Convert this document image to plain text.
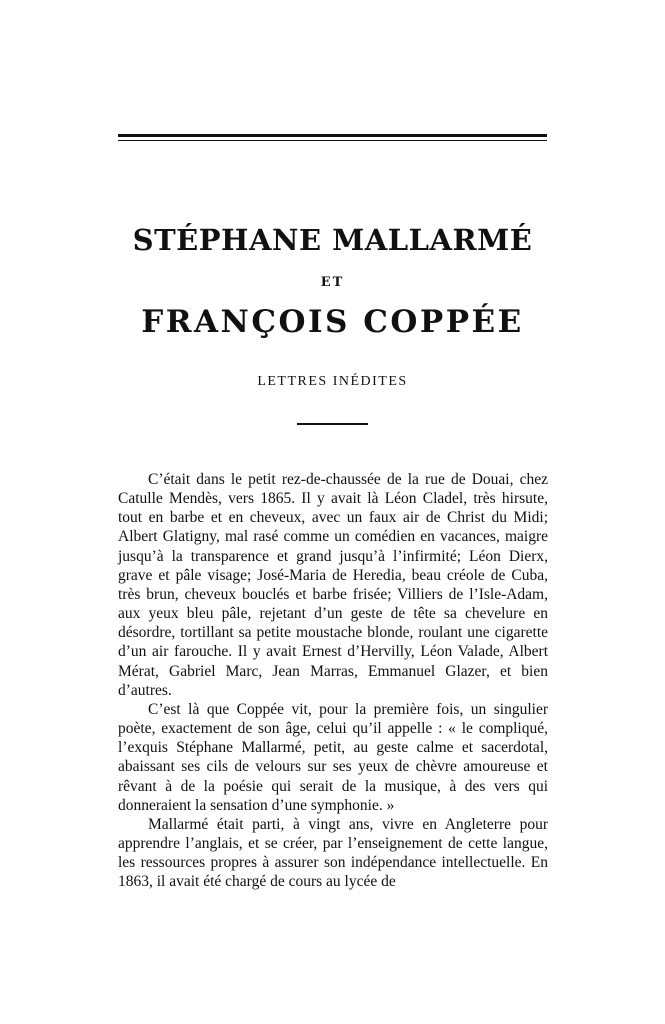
STÉPHANE MALLARMÉ
ET
FRANÇOIS COPPÉE
LETTRES INÉDITES

C’était dans le petit rez-de-chaussée de la rue de Douai, chez Catulle Mendès, vers 1865. Il y avait là Léon Cladel, très hirsute, tout en barbe et en cheveux, avec un faux air de Christ du Midi; Albert Glatigny, mal rasé comme un comédien en vacances, maigre jusqu’à la transparence et grand jusqu’à l’infirmité; Léon Dierx, grave et pâle visage; José-Maria de Heredia, beau créole de Cuba, très brun, cheveux bouclés et barbe frisée; Villiers de l’Isle-Adam, aux yeux bleu pâle, rejetant d’un geste de tête sa chevelure en désordre, tortillant sa petite moustache blonde, roulant une cigarette d’un air farouche. Il y avait Ernest d’Hervilly, Léon Valade, Albert Mérat, Gabriel Marc, Jean Marras, Emmanuel Glazer, et bien d’autres.

C’est là que Coppée vit, pour la première fois, un singulier poète, exactement de son âge, celui qu’il appelle : « le compliqué, l’exquis Stéphane Mallarmé, petit, au geste calme et sacerdotal, abaissant ses cils de velours sur ses yeux de chèvre amoureuse et rêvant à de la poésie qui serait de la musique, à des vers qui donneraient la sensation d’une symphonie. »

Mallarmé était parti, à vingt ans, vivre en Angleterre pour apprendre l’anglais, et se créer, par l’enseignement de cette langue, les ressources propres à assurer son indépendance intellectuelle. En 1863, il avait été chargé de cours au lycée de
